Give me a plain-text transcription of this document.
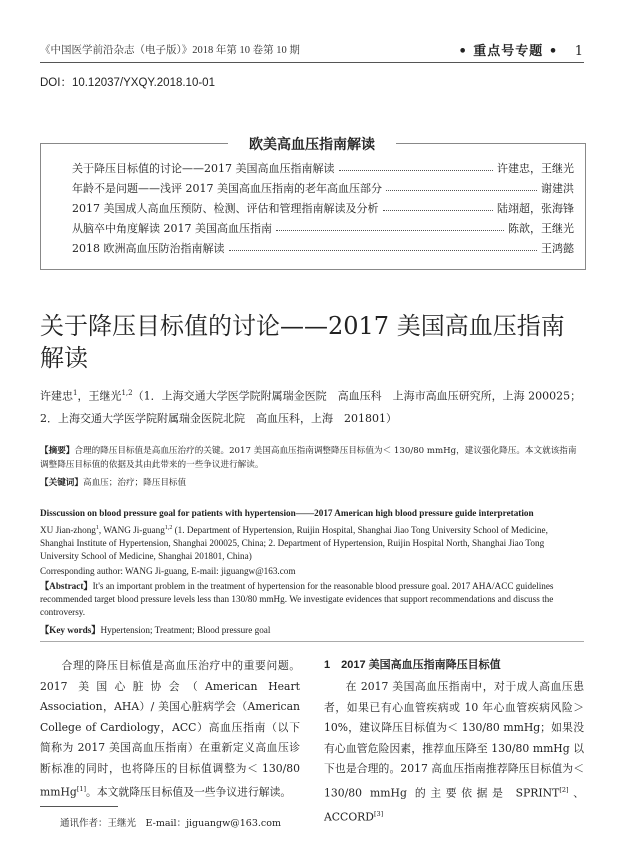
《中国医学前沿杂志（电子版）》2018 年第 10 卷第 10 期	• 重点号专题 • 1
DOI：10.12037/YXQY.2018.10-01
欧美高血压指南解读
关于降压目标值的讨论——2017 美国高血压指南解读	许建忠，王继光
年龄不是问题——浅评 2017 美国高血压指南的老年高血压部分	谢建洪
2017 美国成人高血压预防、检测、评估和管理指南解读及分析	陆翊超，张海锋
从脑卒中角度解读 2017 美国高血压指南	陈歆，王继光
2018 欧洲高血压防治指南解读	王鸿懿
关于降压目标值的讨论——2017 美国高血压指南解读
许建忠$^1$，王继光$^{1,2}$（1．上海交通大学医学院附属瑞金医院　高血压科　上海市高血压研究所，上海 200025；2．上海交通大学医学院附属瑞金医院北院　高血压科，上海　201801）
【摘要】合理的降压目标值是高血压治疗的关键。2017 美国高血压指南调整降压目标值为＜ 130/80 mmHg，建议强化降压。本文就该指南调整降压目标值的依据及其由此带来的一些争议进行解读。
【关键词】高血压；治疗；降压目标值
Disscussion on blood pressure goal for patients with hypertension——2017 American high blood pressure guide interpretation
XU Jian-zhong$^1$, WANG Ji-guang$^{1,2}$ (1. Department of Hypertension, Ruijin Hospital, Shanghai Jiao Tong University School of Medicine, Shanghai Institute of Hypertension, Shanghai 200025, China; 2. Department of Hypertension, Ruijin Hospital North, Shanghai Jiao Tong University School of Medicine, Shanghai 201801, China)
Corresponding author: WANG Ji-guang, E-mail: jiguangw@163.com
【Abstract】It's an important problem in the treatment of hypertension for the reasonable blood pressure goal. 2017 AHA/ACC guidelines recommended target blood pressure levels less than 130/80 mmHg. We investigate evidences that support recommendations and discuss the controversy.
【Key words】Hypertension; Treatment; Blood pressure goal
合理的降压目标值是高血压治疗中的重要问题。2017 美国心脏协会（American Heart Association，AHA）/ 美国心脏病学会（American College of Cardiology，ACC）高血压指南（以下简称为 2017 美国高血压指南）在重新定义高血压诊断标准的同时，也将降压的目标值调整为＜ 130/80 mmHg[1]。本文就降压目标值及一些争议进行解读。
1　2017 美国高血压指南降压目标值
在 2017 美国高血压指南中，对于成人高血压患者，如果已有心血管疾病或 10 年心血管疾病风险＞ 10%，建议降压目标值为＜ 130/80 mmHg；如果没有心血管危险因素，推荐血压降至 130/80 mmHg 以下也是合理的。2017 高血压指南推荐降压目标值为＜ 130/80 mmHg 的主要依据是 SPRINT[2]、ACCORD[3]
通讯作者：王继光　E-mail：jiguangw@163.com
